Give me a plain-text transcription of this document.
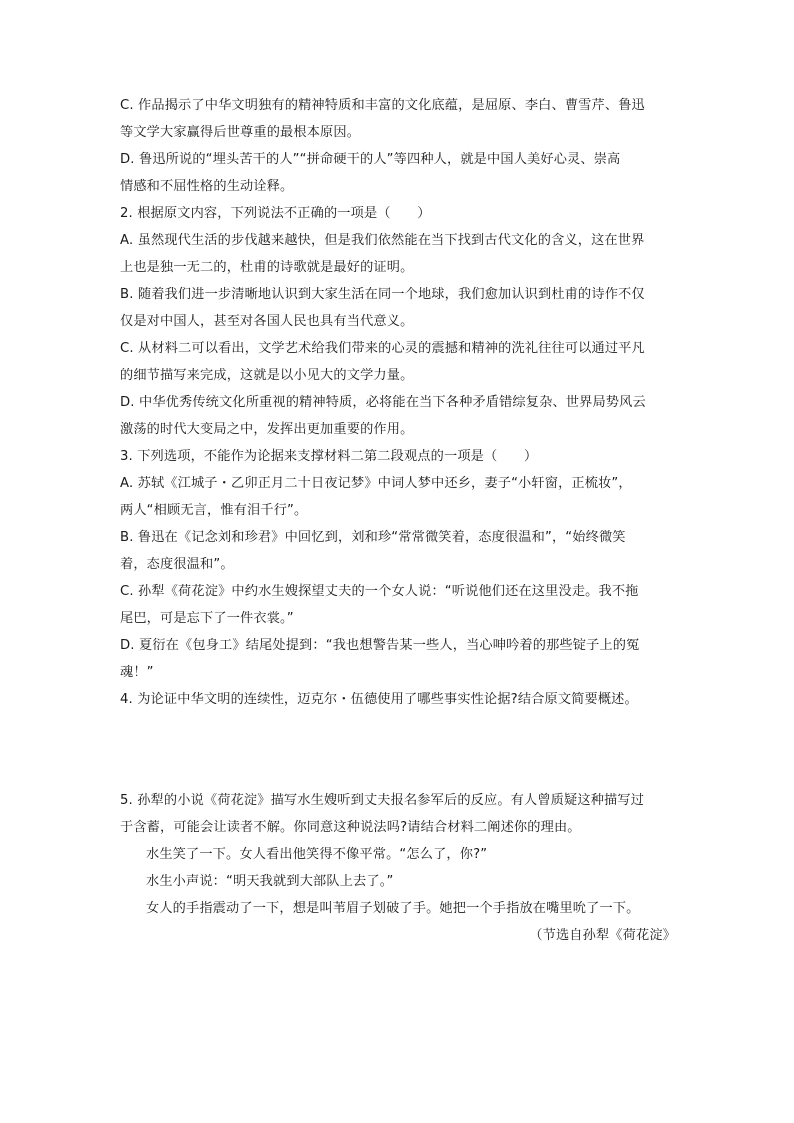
C. 作品揭示了中华文明独有的精神特质和丰富的文化底蕴，是屈原、李白、曹雪芹、鲁迅
等文学大家赢得后世尊重的最根本原因。
D. 鲁迅所说的“埋头苦干的人”“拼命硬干的人”等四种人，就是中国人美好心灵、崇高
情感和不屈性格的生动诠释。
2. 根据原文内容，下列说法不正确的一项是（　　）
A. 虽然现代生活的步伐越来越快，但是我们依然能在当下找到古代文化的含义，这在世界
上也是独一无二的，杜甫的诗歌就是最好的证明。
B. 随着我们进一步清晰地认识到大家生活在同一个地球，我们愈加认识到杜甫的诗作不仅
仅是对中国人，甚至对各国人民也具有当代意义。
C. 从材料二可以看出，文学艺术给我们带来的心灵的震撼和精神的洗礼往往可以通过平凡
的细节描写来完成，这就是以小见大的文学力量。
D. 中华优秀传统文化所重视的精神特质，必将能在当下各种矛盾错综复杂、世界局势风云
激荡的时代大变局之中，发挥出更加重要的作用。
3. 下列选项，不能作为论据来支撑材料二第二段观点的一项是（　　）
A. 苏轼《江城子・乙卯正月二十日夜记梦》中词人梦中还乡，妻子“小轩窗，正梳妆”，
两人“相顾无言，惟有泪千行”。
B. 鲁迅在《记念刘和珍君》中回忆到，刘和珍“常常微笑着，态度很温和”，“始终微笑
着，态度很温和”。
C. 孙犁《荷花淀》中约水生嫂探望丈夫的一个女人说：“听说他们还在这里没走。我不拖
尾巴，可是忘下了一件衣裳。”
D. 夏衍在《包身工》结尾处提到：“我也想警告某一些人，当心呻吟着的那些锭子上的冤
魂！”
4. 为论证中华文明的连续性，迈克尔・伍德使用了哪些事实性论据?结合原文简要概述。
5. 孙犁的小说《荷花淀》描写水生嫂听到丈夫报名参军后的反应。有人曾质疑这种描写过
于含蓄，可能会让读者不解。你同意这种说法吗?请结合材料二阐述你的理由。
水生笑了一下。女人看出他笑得不像平常。“怎么了，你?”
水生小声说：“明天我就到大部队上去了。”
女人的手指震动了一下，想是叫苇眉子划破了手。她把一个手指放在嘴里吮了一下。
（节选自孙犁《荷花淀》
